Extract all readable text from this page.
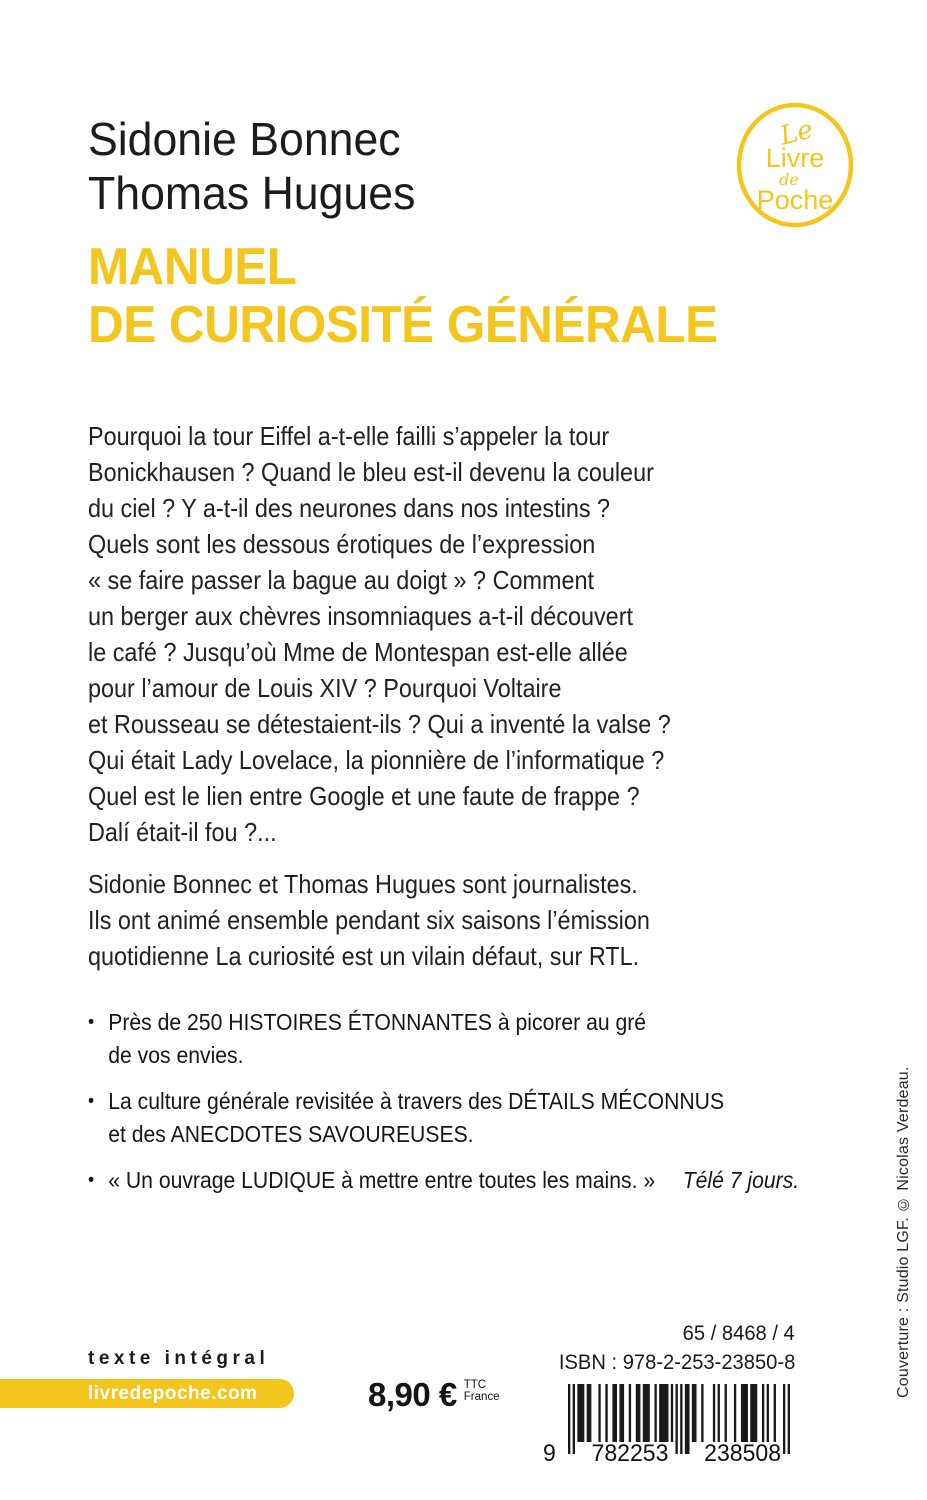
Sidonie Bonnec
Thomas Hugues
Le
Livre
de
Poche
MANUEL
DE CURIOSITÉ GÉNÉRALE
Pourquoi la tour Eiffel a-t-elle failli s’appeler la tour
Bonickhausen ? Quand le bleu est-il devenu la couleur
du ciel ? Y a-t-il des neurones dans nos intestins ?
Quels sont les dessous érotiques de l’expression
« se faire passer la bague au doigt » ? Comment
un berger aux chèvres insomniaques a-t-il découvert
le café ? Jusqu’où Mme de Montespan est-elle allée
pour l’amour de Louis XIV ? Pourquoi Voltaire
et Rousseau se détestaient-ils ? Qui a inventé la valse ?
Qui était Lady Lovelace, la pionnière de l’informatique ?
Quel est le lien entre Google et une faute de frappe ?
Dalí était-il fou ?...
Sidonie Bonnec et Thomas Hugues sont journalistes.
Ils ont animé ensemble pendant six saisons l’émission
quotidienne La curiosité est un vilain défaut, sur RTL.
• Près de 250 HISTOIRES ÉTONNANTES à picorer au gré
de vos envies.
• La culture générale revisitée à travers des DÉTAILS MÉCONNUS
et des ANECDOTES SAVOUREUSES.
• « Un ouvrage LUDIQUE à mettre entre toutes les mains. » Télé 7 jours.
texte intégral
livredepoche.com	8,90 € TTC
France
65 / 8468 / 4
ISBN : 978-2-253-23850-8
9 782253 238508
Couverture : Studio LGF. © Nicolas Verdeau.
